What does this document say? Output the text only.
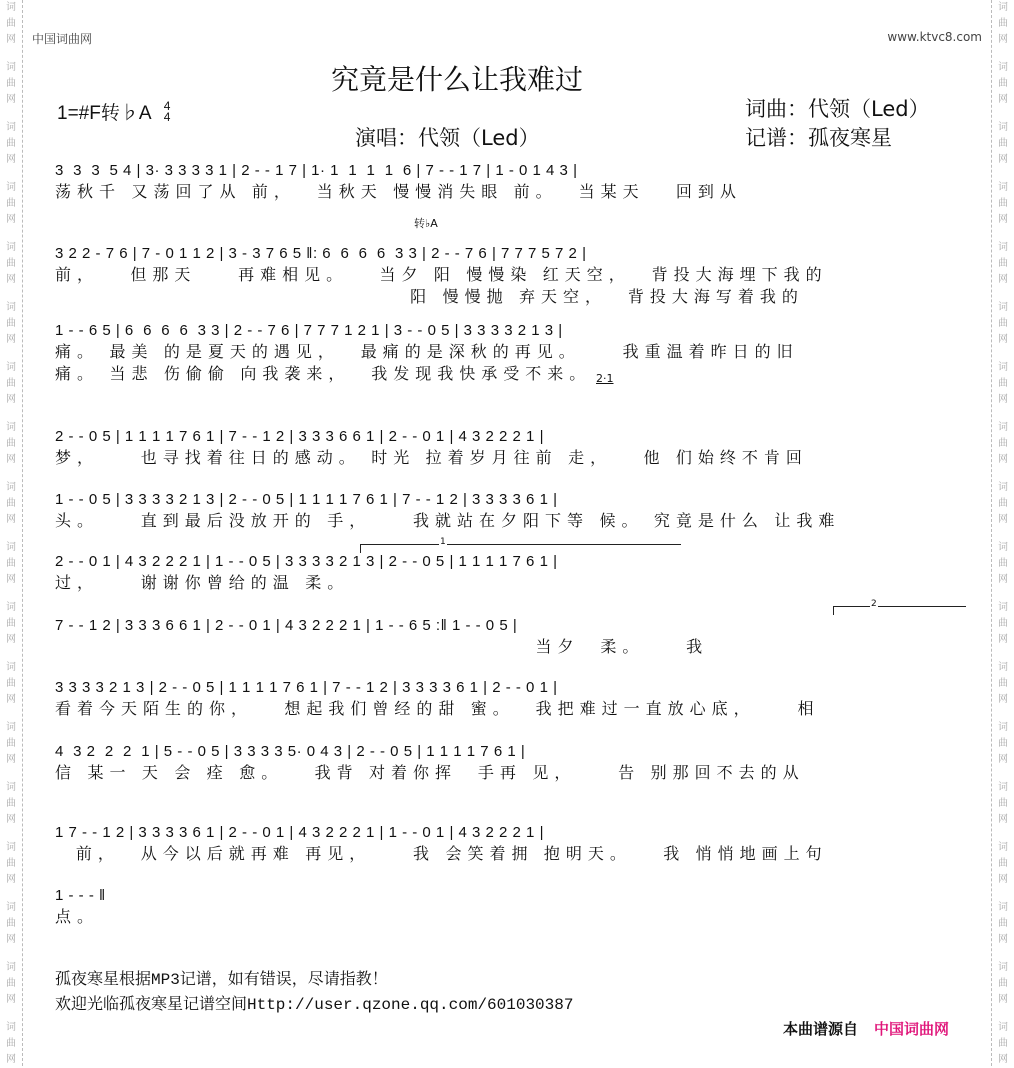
词
曲
网
词
曲
网
词
曲
网
词
曲
网
词
曲
网
词
曲
网
词
曲
网
词
曲
网
词
曲
网
词
曲
网
词
曲
网
词
曲
网
词
曲
网
词
曲
网
词
曲
网
词
曲
网
词
曲
网
词
曲
网
词
曲
网
词
曲
网
词
曲
网
词
曲
网
词
曲
网
词
曲
网
词
曲
网
词
曲
网
词
曲
网
词
曲
网
词
曲
网
词
曲
网
词
曲
网
词
曲
网
词
曲
网
词
曲
网
词
曲
网
词
曲
网
中国词曲网	www.ktvc8.com
究竟是什么让我难过
1=#F转♭A 4
4
演唱：代领（Led）
词曲：代领（Led）
记谱：孤夜寒星
转♭A
2·1
1
2
3  3  3  5 4 | 3· 3 3 3 3 1 | 2 - - 1 7 | 1· 1  1  1  1  6 | 7 - - 1 7 | 1 - 0 1 4 3 |
荡秋千 又荡回了从 前，  当秋天 慢慢消失眼 前。  当某天   回到从
3 2 2 - 7 6 | 7 - 0 1 1 2 | 3 - 3 7 6 5 ‖: 6  6  6  6  3 3 | 2 - - 7 6 | 7 7 7 5 7 2 |
前，   但那天    再难相见。   当夕 阳 慢慢染 红天空，  背投大海埋下我的
阳 慢慢抛 弃天空，  背投大海写着我的
1 - - 6 5 | 6  6  6  6  3 3 | 2 - - 7 6 | 7 7 7 1 2 1 | 3 - - 0 5 | 3 3 3 3 2 1 3 |
痛。 最美 的是夏天的遇见，  最痛的是深秋的再见。    我重温着昨日的旧
痛。 当悲 伤偷偷 向我袭来，  我发现我快承受不来。
2 - - 0 5 | 1 1 1 1 7 6 1 | 7 - - 1 2 | 3 3 3 6 6 1 | 2 - - 0 1 | 4 3 2 2 2 1 |
梦，    也寻找着往日的感动。 时光 拉着岁月往前 走，   他 们始终不肯回
1 - - 0 5 | 3 3 3 3 2 1 3 | 2 - - 0 5 | 1 1 1 1 7 6 1 | 7 - - 1 2 | 3 3 3 3 6 1 |
头。    直到最后没放开的 手，    我就站在夕阳下等 候。 究竟是什么 让我难
2 - - 0 1 | 4 3 2 2 2 1 | 1 - - 0 5 | 3 3 3 3 2 1 3 | 2 - - 0 5 | 1 1 1 1 7 6 1 |
过，    谢谢你曾给的温 柔。
7 - - 1 2 | 3 3 3 6 6 1 | 2 - - 0 1 | 4 3 2 2 2 1 | 1 - - 6 5 :‖ 1 - - 0 5 |
当夕  柔。    我
3 3 3 3 2 1 3 | 2 - - 0 5 | 1 1 1 1 7 6 1 | 7 - - 1 2 | 3 3 3 3 6 1 | 2 - - 0 1 |
看着今天陌生的你，   想起我们曾经的甜 蜜。  我把难过一直放心底，    相
4  3 2  2  2  1 | 5 - - 0 5 | 3 3 3 3 5· 0 4 3 | 2 - - 0 5 | 1 1 1 1 7 6 1 |
信 某一 天 会 痊 愈。   我背 对着你挥  手再 见，    告 别那回不去的从
1 7 - - 1 2 | 3 3 3 3 6 1 | 2 - - 0 1 | 4 3 2 2 2 1 | 1 - - 0 1 | 4 3 2 2 2 1 |
前，  从今以后就再难 再见，    我 会笑着拥 抱明天。   我 悄悄地画上句
1 - - - ‖
点。
孤夜寒星根据MP3记谱，如有错误，尽请指教！
欢迎光临孤夜寒星记谱空间Http://user.qzone.qq.com/601030387
本曲谱源自 中国词曲网
